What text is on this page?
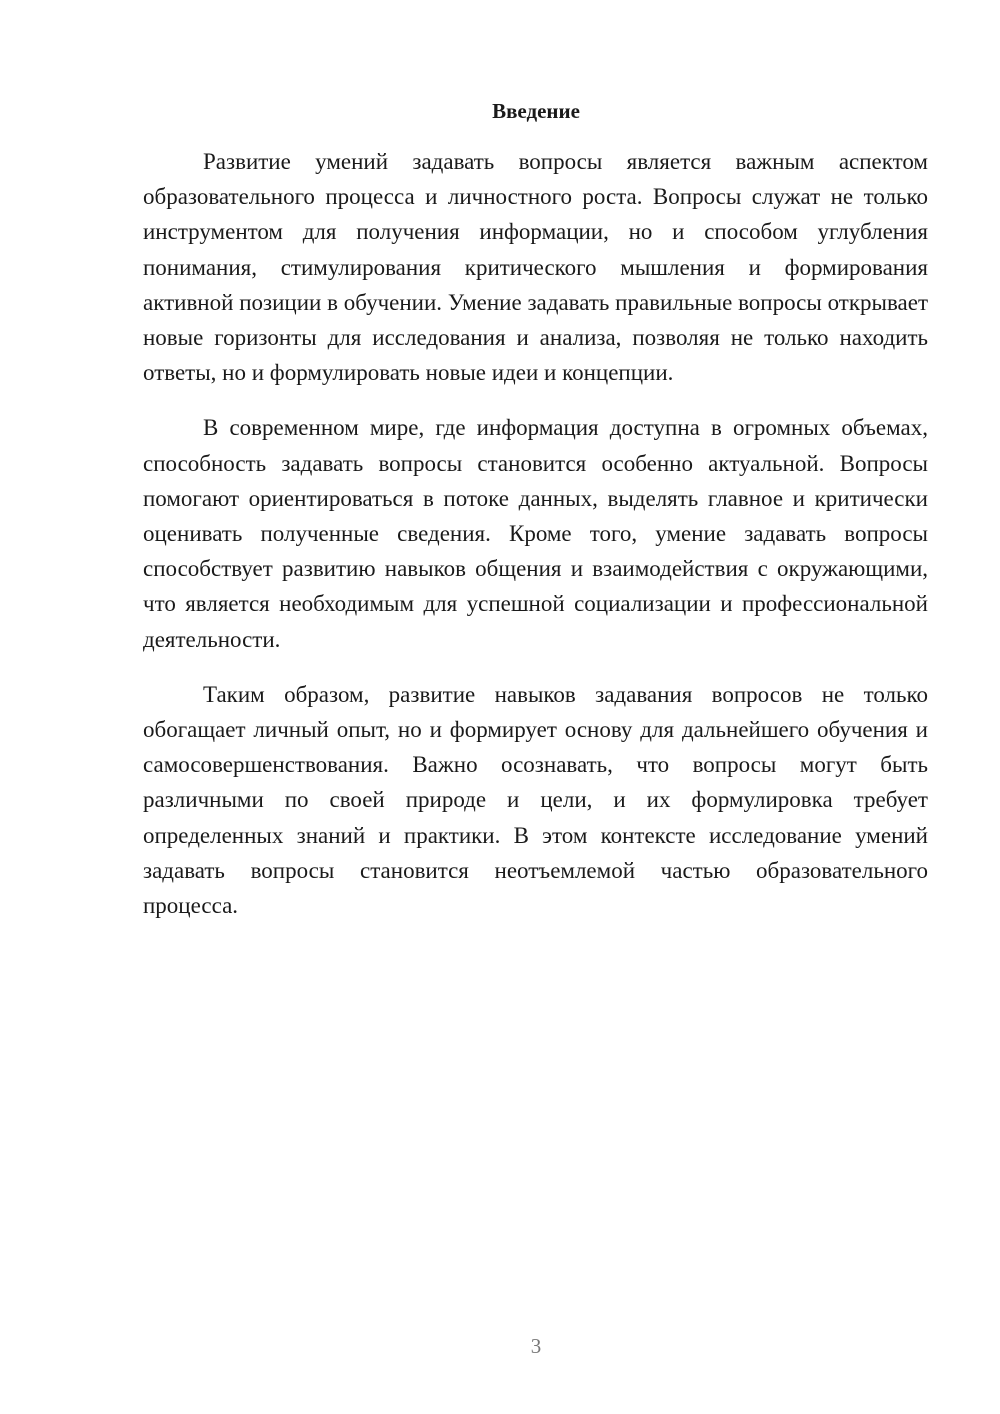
Введение

Развитие умений задавать вопросы является важным аспектом образовательного процесса и личностного роста. Вопросы служат не только инструментом для получения информации, но и способом углубления понимания, стимулирования критического мышления и формирования активной позиции в обучении. Умение задавать правильные вопросы открывает новые горизонты для исследования и анализа, позволяя не только находить ответы, но и формулировать новые идеи и концепции.

В современном мире, где информация доступна в огромных объемах, способность задавать вопросы становится особенно актуальной. Вопросы помогают ориентироваться в потоке данных, выделять главное и критически оценивать полученные сведения. Кроме того, умение задавать вопросы способствует развитию навыков общения и взаимодействия с окружающими, что является необходимым для успешной социализации и профессиональной деятельности.

Таким образом, развитие навыков задавания вопросов не только обогащает личный опыт, но и формирует основу для дальнейшего обучения и самосовершенствования. Важно осознавать, что вопросы могут быть различными по своей природе и цели, и их формулировка требует определенных знаний и практики. В этом контексте исследование умений задавать вопросы становится неотъемлемой частью образовательного процесса.

3
